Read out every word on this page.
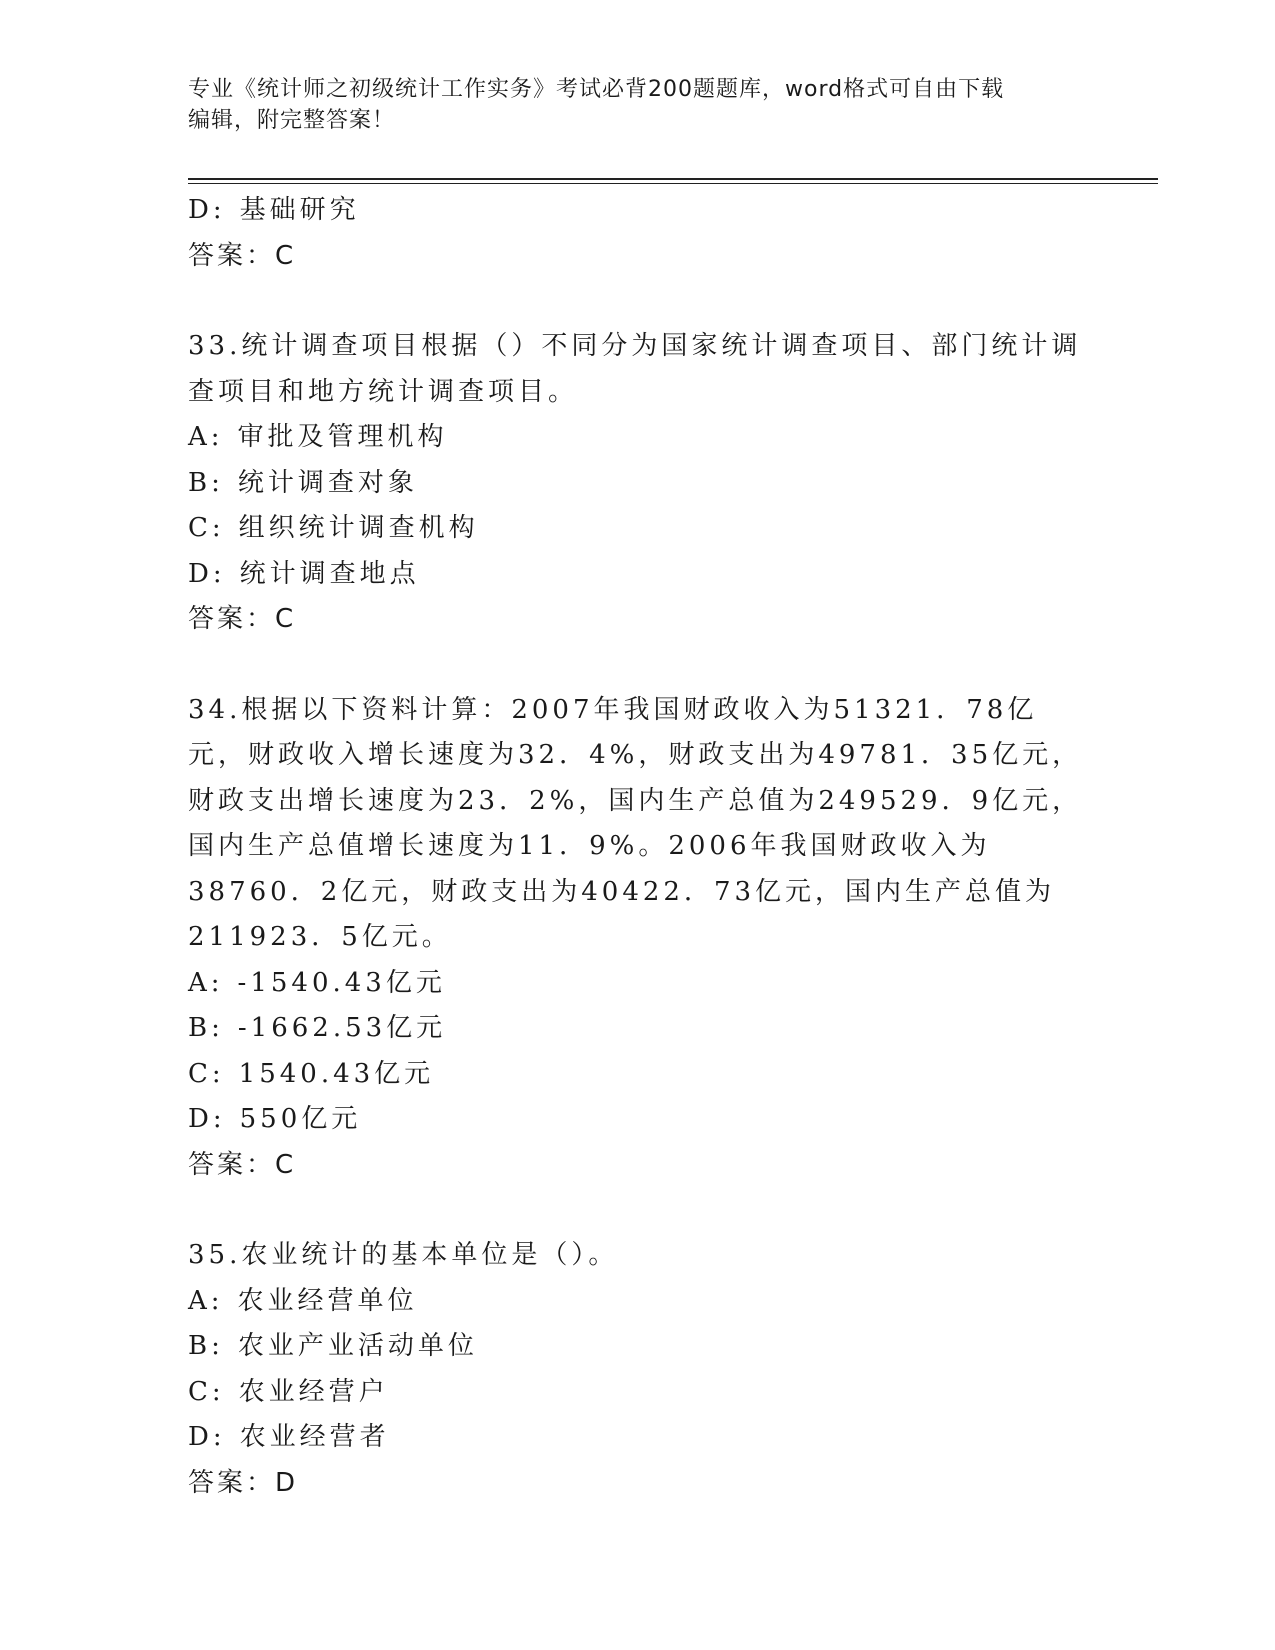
专业《统计师之初级统计工作实务》考试必背200题题库，word格式可自由下载
编辑，附完整答案！
D: 基础研究
答案：C
33.统计调查项目根据（）不同分为国家统计调查项目、部门统计调查项目和地方统计调查项目。
A: 审批及管理机构
B: 统计调查对象
C: 组织统计调查机构
D: 统计调查地点
答案：C
34.根据以下资料计算：2007年我国财政收入为51321．78亿元，财政收入增长速度为32．4%，财政支出为49781．35亿元，财政支出增长速度为23．2%，国内生产总值为249529．9亿元，国内生产总值增长速度为11．9%。2006年我国财政收入为38760．2亿元，财政支出为40422．73亿元，国内生产总值为211923．5亿元。
A: -1540.43亿元
B: -1662.53亿元
C: 1540.43亿元
D: 550亿元
答案：C
35.农业统计的基本单位是（）。
A: 农业经营单位
B: 农业产业活动单位
C: 农业经营户
D: 农业经营者
答案：D
